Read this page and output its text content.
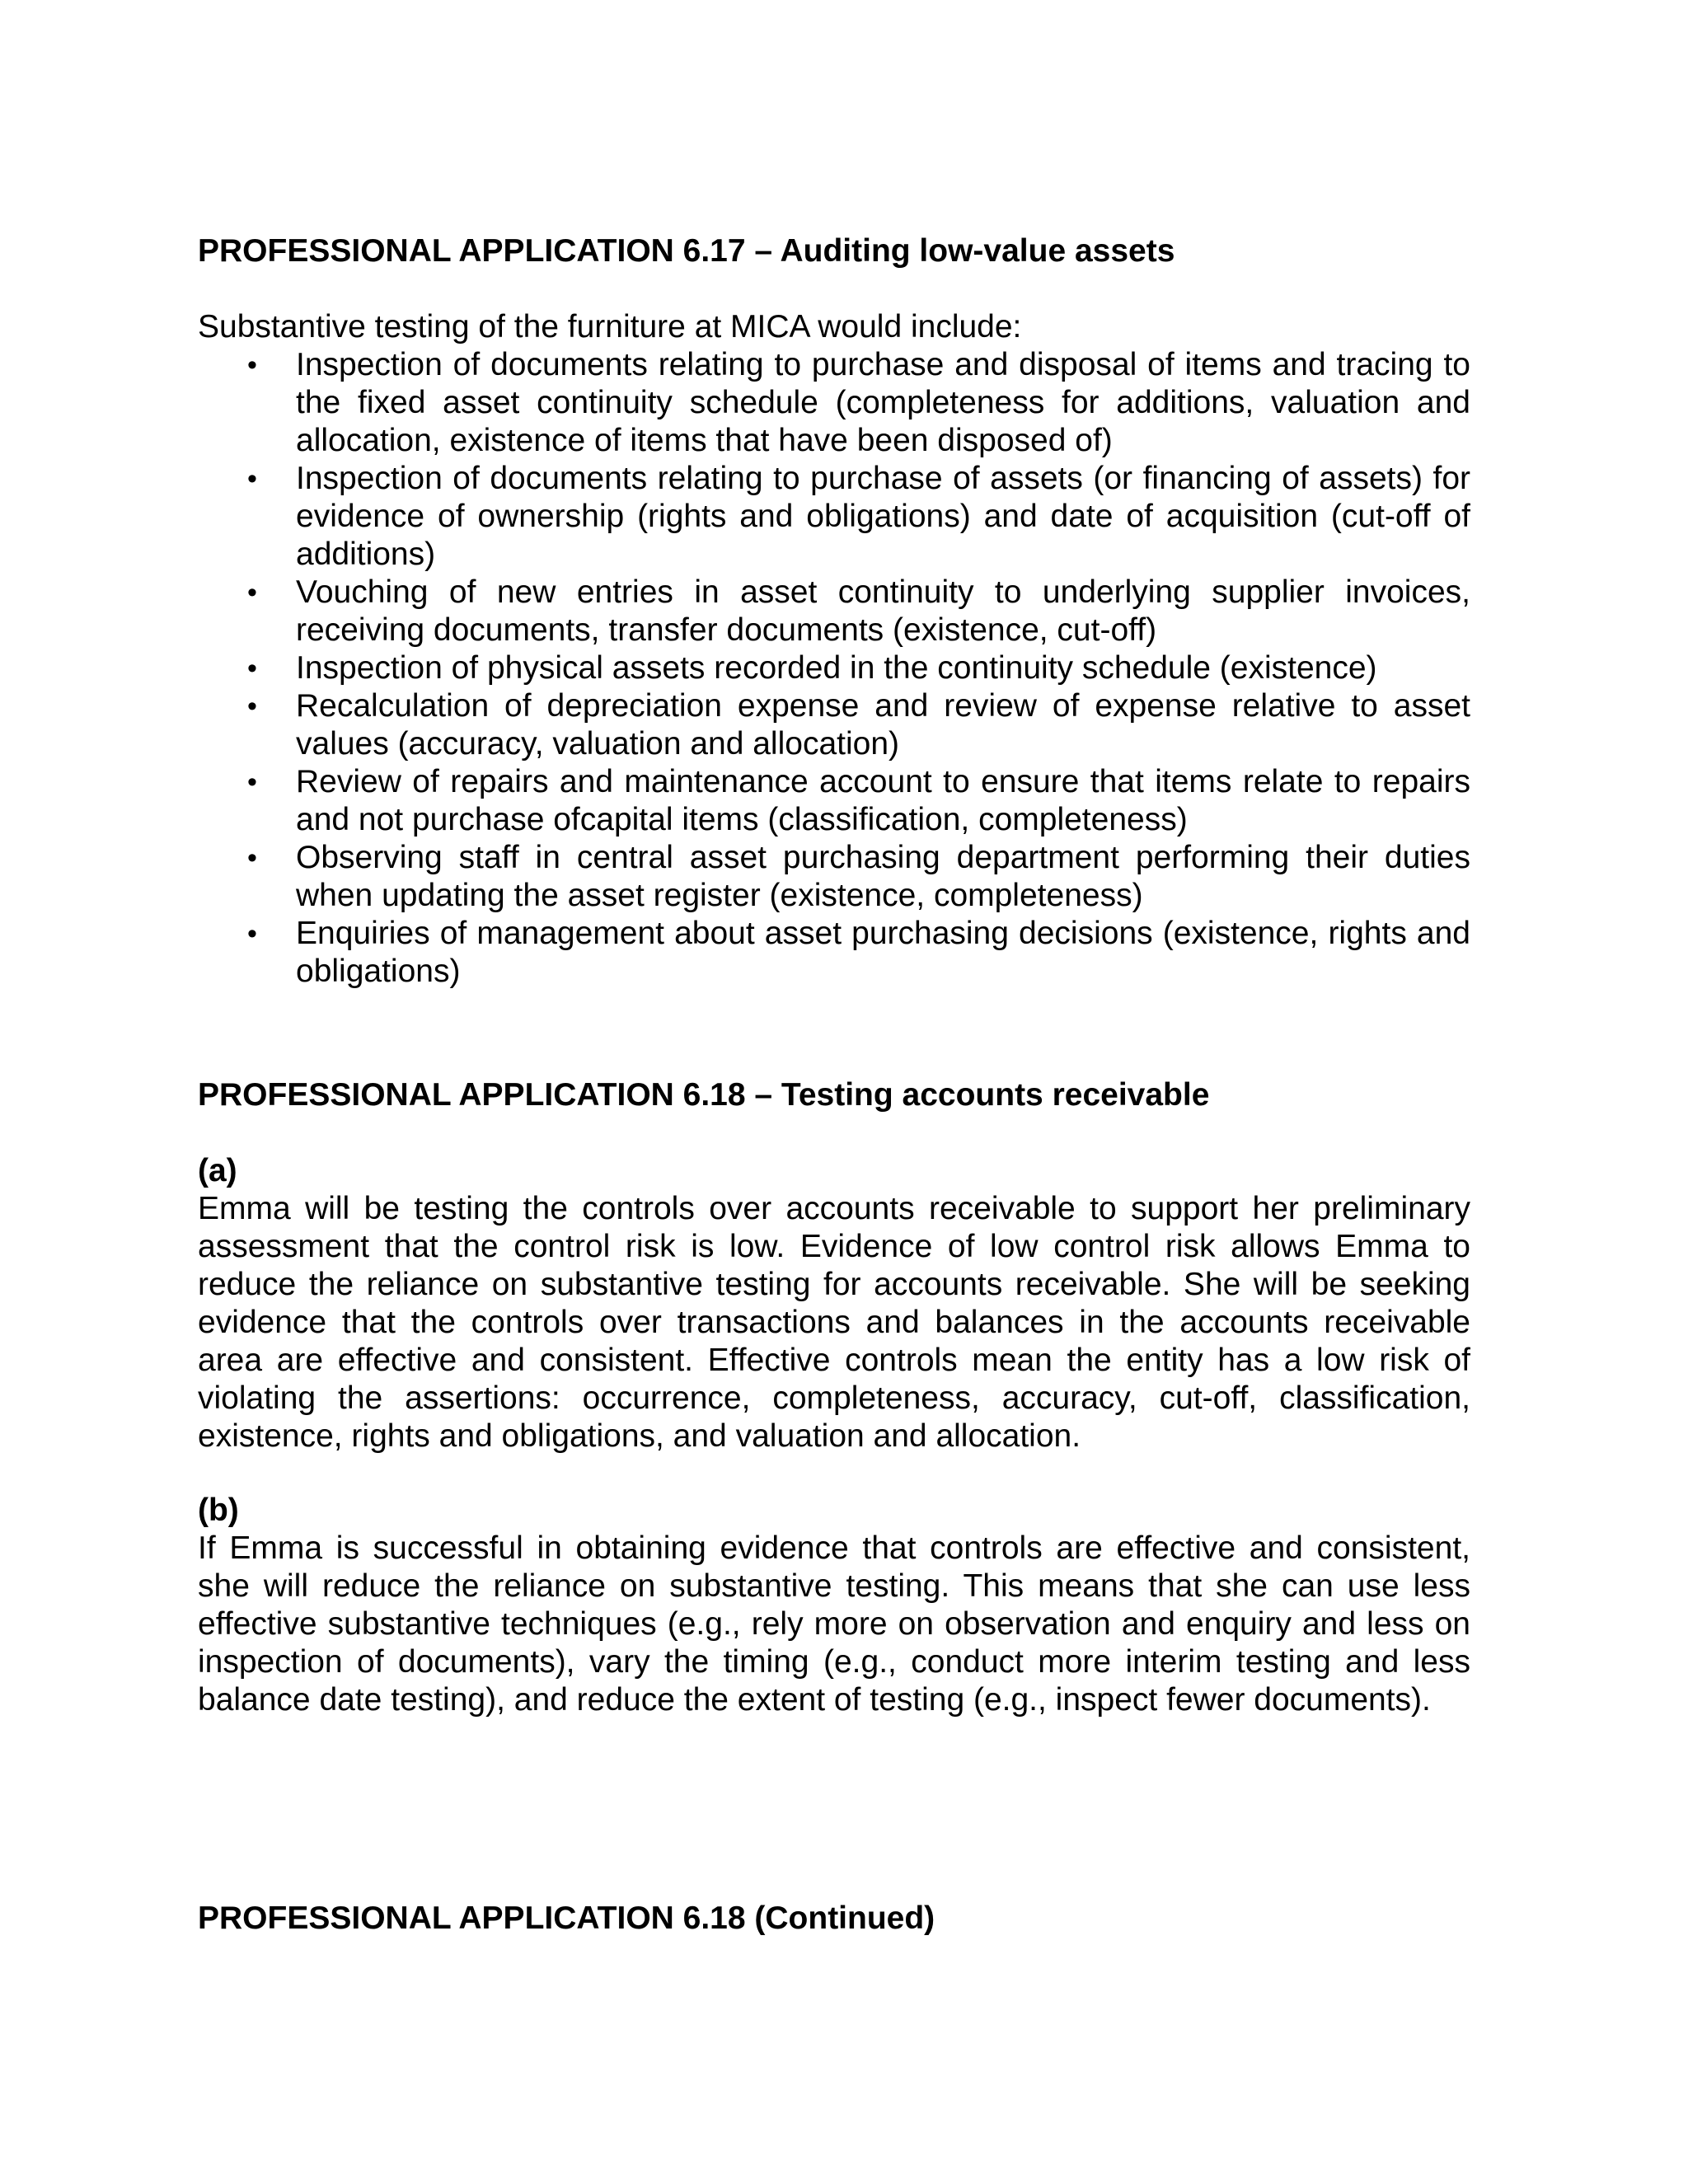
PROFESSIONAL APPLICATION 6.17 – Auditing low-value assets
Substantive testing of the furniture at MICA would include:
• Inspection of documents relating to purchase and disposal of items and tracing to the fixed asset continuity schedule (completeness for additions, valuation and allocation, existence of items that have been disposed of)
• Inspection of documents relating to purchase of assets (or financing of assets) for evidence of ownership (rights and obligations) and date of acquisition (cut-off of additions)
• Vouching of new entries in asset continuity to underlying supplier invoices, receiving documents, transfer documents (existence, cut-off)
• Inspection of physical assets recorded in the continuity schedule (existence)
• Recalculation of depreciation expense and review of expense relative to asset values (accuracy, valuation and allocation)
• Review of repairs and maintenance account to ensure that items relate to repairs and not purchase ofcapital items (classification, completeness)
• Observing staff in central asset purchasing department performing their duties when updating the asset register (existence, completeness)
• Enquiries of management about asset purchasing decisions (existence, rights and obligations)
PROFESSIONAL APPLICATION 6.18 – Testing accounts receivable
(a)
Emma will be testing the controls over accounts receivable to support her preliminary assessment that the control risk is low. Evidence of low control risk allows Emma to reduce the reliance on substantive testing for accounts receivable. She will be seeking evidence that the controls over transactions and balances in the accounts receivable area are effective and consistent. Effective controls mean the entity has a low risk of violating the assertions: occurrence, completeness, accuracy, cut-off, classification, existence, rights and obligations, and valuation and allocation.
(b)
If Emma is successful in obtaining evidence that controls are effective and consistent, she will reduce the reliance on substantive testing. This means that she can use less effective substantive techniques (e.g., rely more on observation and enquiry and less on inspection of documents), vary the timing (e.g., conduct more interim testing and less balance date testing), and reduce the extent of testing (e.g., inspect fewer documents).
PROFESSIONAL APPLICATION 6.18 (Continued)
